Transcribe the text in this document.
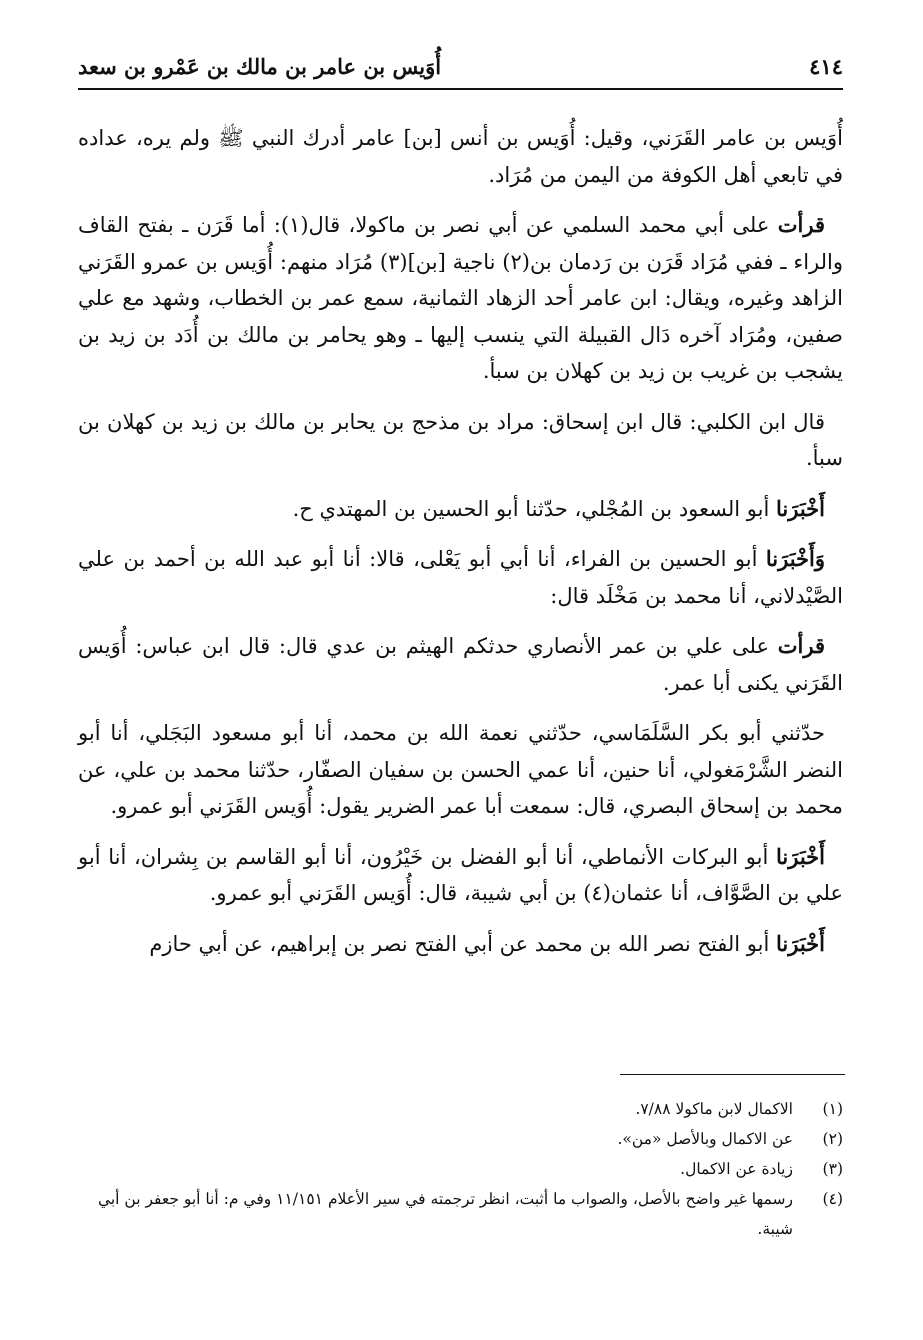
٤١٤
أُوَيس بن عامر بن مالك بن عَمْرو بن سعد

أُوَيس بن عامر القَرَني، وقيل: أُوَيس بن أنس [بن] عامر أدرك النبي ﷺ ولم يره، عداده في تابعي أهل الكوفة من اليمن من مُرَاد.

قرأت على أبي محمد السلمي عن أبي نصر بن ماكولا، قال(١): أما قَرَن ـ بفتح القاف والراء ـ ففي مُرَاد قَرَن بن رَدمان بن(٢) ناجية [بن](٣) مُرَاد منهم: أُوَيس بن عمرو القَرَني الزاهد وغيره، ويقال: ابن عامر أحد الزهاد الثمانية، سمع عمر بن الخطاب، وشهد مع علي صفين، ومُرَاد آخره دَال القبيلة التي ينسب إليها ـ وهو يحامر بن مالك بن أُدَد بن زيد بن يشجب بن غريب بن زيد بن كهلان بن سبأ.

قال ابن الكلبي: قال ابن إسحاق: مراد بن مذحج بن يحابر بن مالك بن زيد بن كهلان بن سبأ.

أَخْبَرَنا أبو السعود بن المُجْلي، حدّثنا أبو الحسين بن المهتدي ح.

وَأَخْبَرَنا أبو الحسين بن الفراء، أنا أبي أبو يَعْلى، قالا: أنا أبو عبد الله بن أحمد بن علي الصَّيْدلاني، أنا محمد بن مَخْلَد قال:

قرأت على علي بن عمر الأنصاري حدثكم الهيثم بن عدي قال: قال ابن عباس: أُوَيس القَرَني يكنى أبا عمر.

حدّثني أبو بكر السَّلَمَاسي، حدّثني نعمة الله بن محمد، أنا أبو مسعود البَجَلي، أنا أبو النضر الشَّرْمَغولي، أنا حنين، أنا عمي الحسن بن سفيان الصفّار، حدّثنا محمد بن علي، عن محمد بن إسحاق البصري، قال: سمعت أبا عمر الضرير يقول: أُوَيس القَرَني أبو عمرو.

أَخْبَرَنا أبو البركات الأنماطي، أنا أبو الفضل بن خَيْرُون، أنا أبو القاسم بن بِشران، أنا أبو علي بن الصَّوَّاف، أنا عثمان(٤) بن أبي شيبة، قال: أُوَيس القَرَني أبو عمرو.

أَخْبَرَنا أبو الفتح نصر الله بن محمد عن أبي الفتح نصر بن إبراهيم، عن أبي حازم

(١)
الاكمال لابن ماكولا ٧/٨٨.
(٢)
عن الاكمال وبالأصل «من».
(٣)
زيادة عن الاكمال.
(٤)
رسمها غير واضح بالأصل، والصواب ما أثبت، انظر ترجمته في سير الأعلام ١١/١٥١ وفي م: أنا أبو جعفر بن أبي شيبة.
